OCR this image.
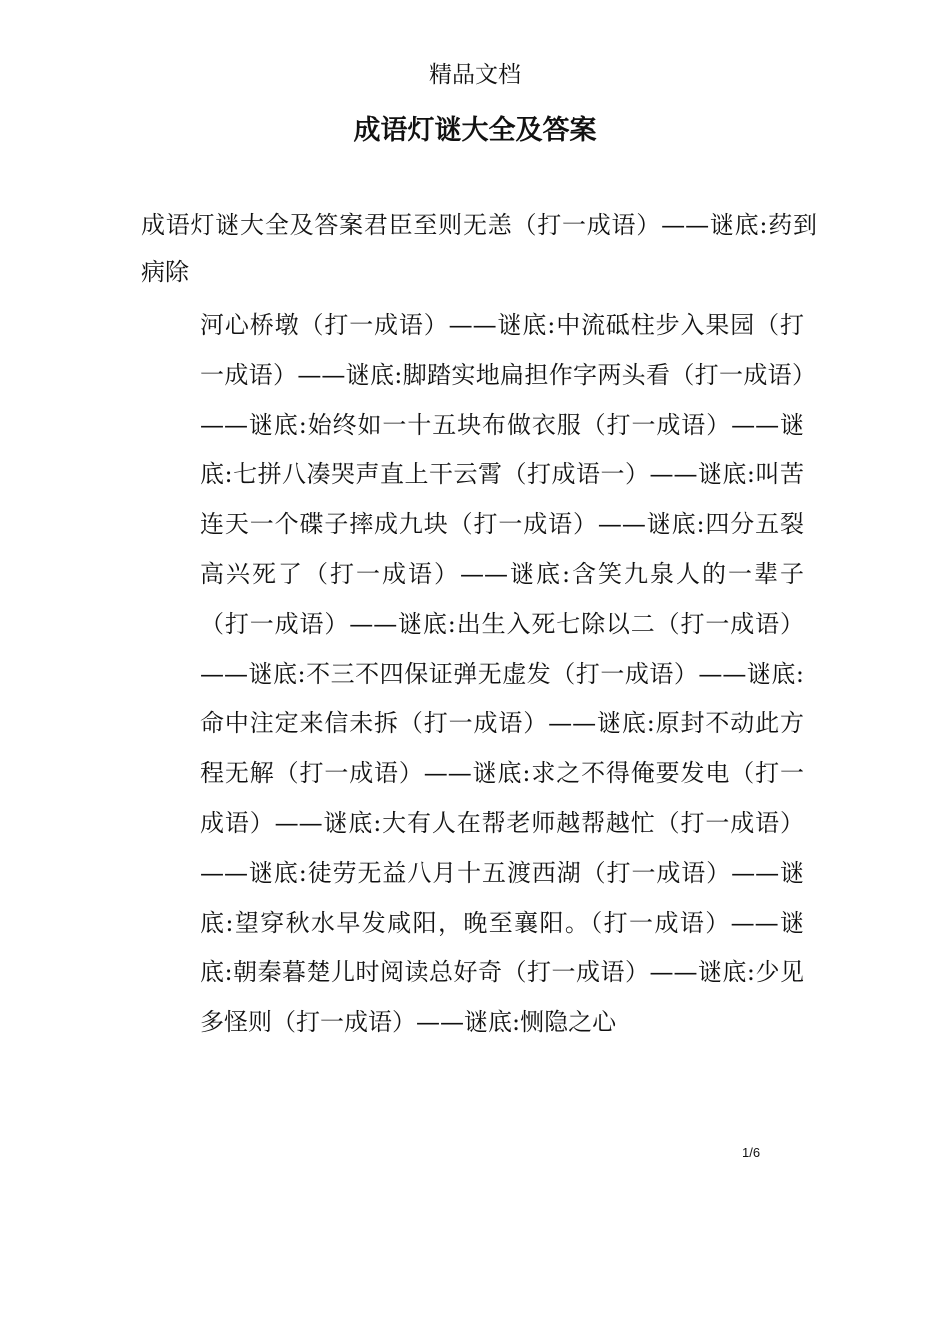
精品文档
成语灯谜大全及答案

成语灯谜大全及答案君臣至则无恙（打一成语）——谜底:药到病除

河心桥墩（打一成语）——谜底:中流砥柱步入果园（打一成语）——谜底:脚踏实地扁担作字两头看（打一成语）——谜底:始终如一十五块布做衣服（打一成语）——谜底:七拼八凑哭声直上干云霄（打成语一）——谜底:叫苦连天一个碟子摔成九块（打一成语）——谜底:四分五裂高兴死了（打一成语）——谜底:含笑九泉人的一辈子（打一成语）——谜底:出生入死七除以二（打一成语）——谜底:不三不四保证弹无虚发（打一成语）——谜底:命中注定来信未拆（打一成语）——谜底:原封不动此方程无解（打一成语）——谜底:求之不得俺要发电（打一成语）——谜底:大有人在帮老师越帮越忙（打一成语）——谜底:徒劳无益八月十五渡西湖（打一成语）——谜底:望穿秋水早发咸阳，晚至襄阳。（打一成语）——谜底:朝秦暮楚儿时阅读总好奇（打一成语）——谜底:少见多怪则（打一成语）——谜底:恻隐之心

1/6
